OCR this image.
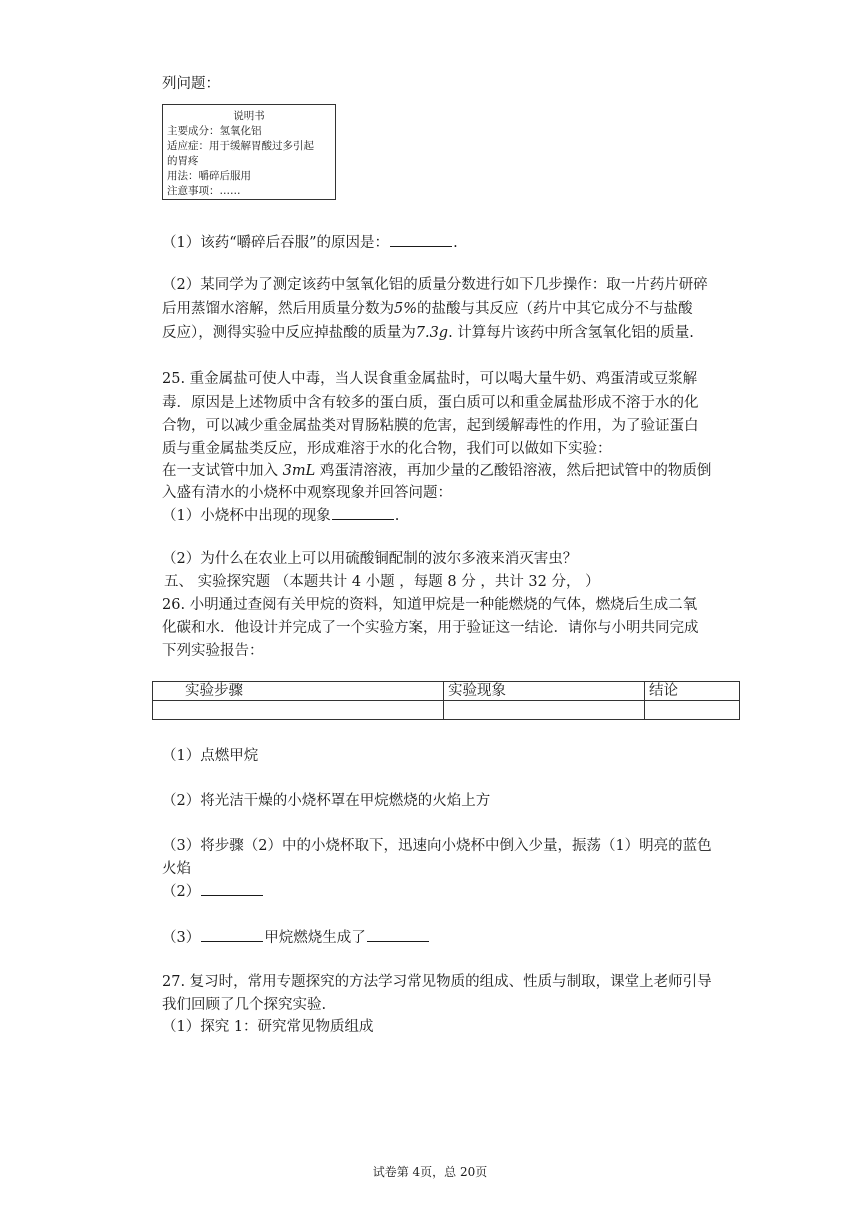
列问题：
说明书
主要成分：氢氧化铝
适应症：用于缓解胃酸过多引起
的胃疼
用法：嚼碎后服用
注意事项：……
（1）该药“嚼碎后吞服”的原因是：	.
（2）某同学为了测定该药中氢氧化铝的质量分数进行如下几步操作：取一片药片研碎
后用蒸馏水溶解，然后用质量分数为5%的盐酸与其反应（药片中其它成分不与盐酸
反应），测得实验中反应掉盐酸的质量为7.3g. 计算每片该药中所含氢氧化铝的质量.
25. 重金属盐可使人中毒，当人误食重金属盐时，可以喝大量牛奶、鸡蛋清或豆浆解
毒．原因是上述物质中含有较多的蛋白质，蛋白质可以和重金属盐形成不溶于水的化
合物，可以减少重金属盐类对胃肠粘膜的危害，起到缓解毒性的作用，为了验证蛋白
质与重金属盐类反应，形成难溶于水的化合物，我们可以做如下实验：
在一支试管中加入 3mL 鸡蛋清溶液，再加少量的乙酸铅溶液，然后把试管中的物质倒
入盛有清水的小烧杯中观察现象并回答问题：
（1）小烧杯中出现的现象	.
（2）为什么在农业上可以用硫酸铜配制的波尔多液来消灭害虫？
五、 实验探究题 （本题共计 4 小题 ，每题 8 分 ，共计 32 分， ）
26. 小明通过查阅有关甲烷的资料，知道甲烷是一种能燃烧的气体，燃烧后生成二氧
化碳和水．他设计并完成了一个实验方案，用于验证这一结论．请你与小明共同完成
下列实验报告：
实验步骤	实验现象	结论

（1）点燃甲烷
（2）将光洁干燥的小烧杯罩在甲烷燃烧的火焰上方
（3）将步骤（2）中的小烧杯取下，迅速向小烧杯中倒入少量，振荡（1）明亮的蓝色
火焰
（2）
（3）	甲烷燃烧生成了
27. 复习时，常用专题探究的方法学习常见物质的组成、性质与制取，课堂上老师引导
我们回顾了几个探究实验.
（1）探究 1：研究常见物质组成
试卷第 4页，总 20页
